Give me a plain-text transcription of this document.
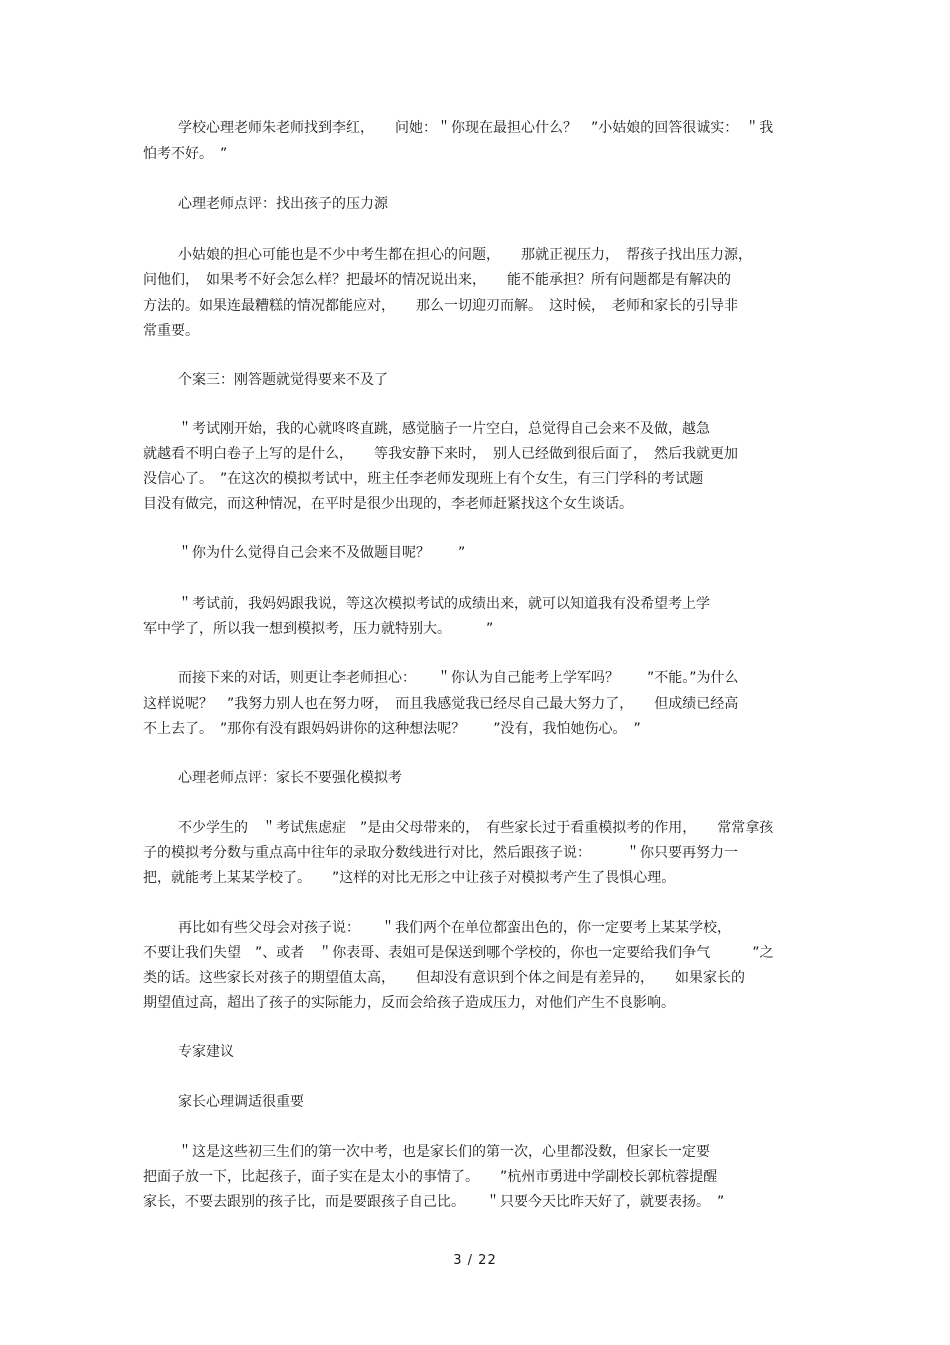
学校心理老师朱老师找到李红，　　问她：＂你现在最担心什么？　”小姑娘的回答很诚实：　＂我

怕考不好。　”

心理老师点评：找出孩子的压力源

小姑娘的担心可能也是不少中考生都在担心的问题，　　那就正视压力，　帮孩子找出压力源，

问他们，　如果考不好会怎么样？把最坏的情况说出来，　　能不能承担？所有问题都是有解决的

方法的。如果连最糟糕的情况都能应对，　　那么一切迎刃而解。　这时候，　老师和家长的引导非

常重要。

个案三：刚答题就觉得要来不及了

＂考试刚开始，我的心就咚咚直跳，感觉脑子一片空白，总觉得自己会来不及做，越急

就越看不明白卷子上写的是什么，　　等我安静下来时，　别人已经做到很后面了，　然后我就更加

没信心了。　”在这次的模拟考试中，班主任李老师发现班上有个女生，有三门学科的考试题

目没有做完，而这种情况，在平时是很少出现的，李老师赶紧找这个女生谈话。

＂你为什么觉得自己会来不及做题目呢？　　”

＂考试前，我妈妈跟我说，等这次模拟考试的成绩出来，就可以知道我有没希望考上学

军中学了，所以我一想到模拟考，压力就特别大。　　　”

而接下来的对话，则更让李老师担心：　　＂你认为自己能考上学军吗？　　”不能。”为什么

这样说呢？　”我努力别人也在努力呀，　而且我感觉我已经尽自己最大努力了，　　但成绩已经高

不上去了。　”那你有没有跟妈妈讲你的这种想法呢？　　”没有，我怕她伤心。　”

心理老师点评：家长不要强化模拟考

不少学生的　＂考试焦虑症　”是由父母带来的，　有些家长过于看重模拟考的作用，　　常常拿孩

子的模拟考分数与重点高中往年的录取分数线进行对比，然后跟孩子说：　　　＂你只要再努力一

把，就能考上某某学校了。　　”这样的对比无形之中让孩子对模拟考产生了畏惧心理。

再比如有些父母会对孩子说：　　＂我们两个在单位都蛮出色的，你一定要考上某某学校，

不要让我们失望　”、或者　＂你表哥、表姐可是保送到哪个学校的，你也一定要给我们争气　　　”之

类的话。这些家长对孩子的期望值太高，　　但却没有意识到个体之间是有差异的，　　如果家长的

期望值过高，超出了孩子的实际能力，反而会给孩子造成压力，对他们产生不良影响。

专家建议

家长心理调适很重要

＂这是这些初三生们的第一次中考，也是家长们的第一次，心里都没数，但家长一定要

把面子放一下，比起孩子，面子实在是太小的事情了。　　”杭州市勇进中学副校长郭杭蓉提醒

家长，不要去跟别的孩子比，而是要跟孩子自己比。　　＂只要今天比昨天好了，就要表扬。　”

3 / 22
